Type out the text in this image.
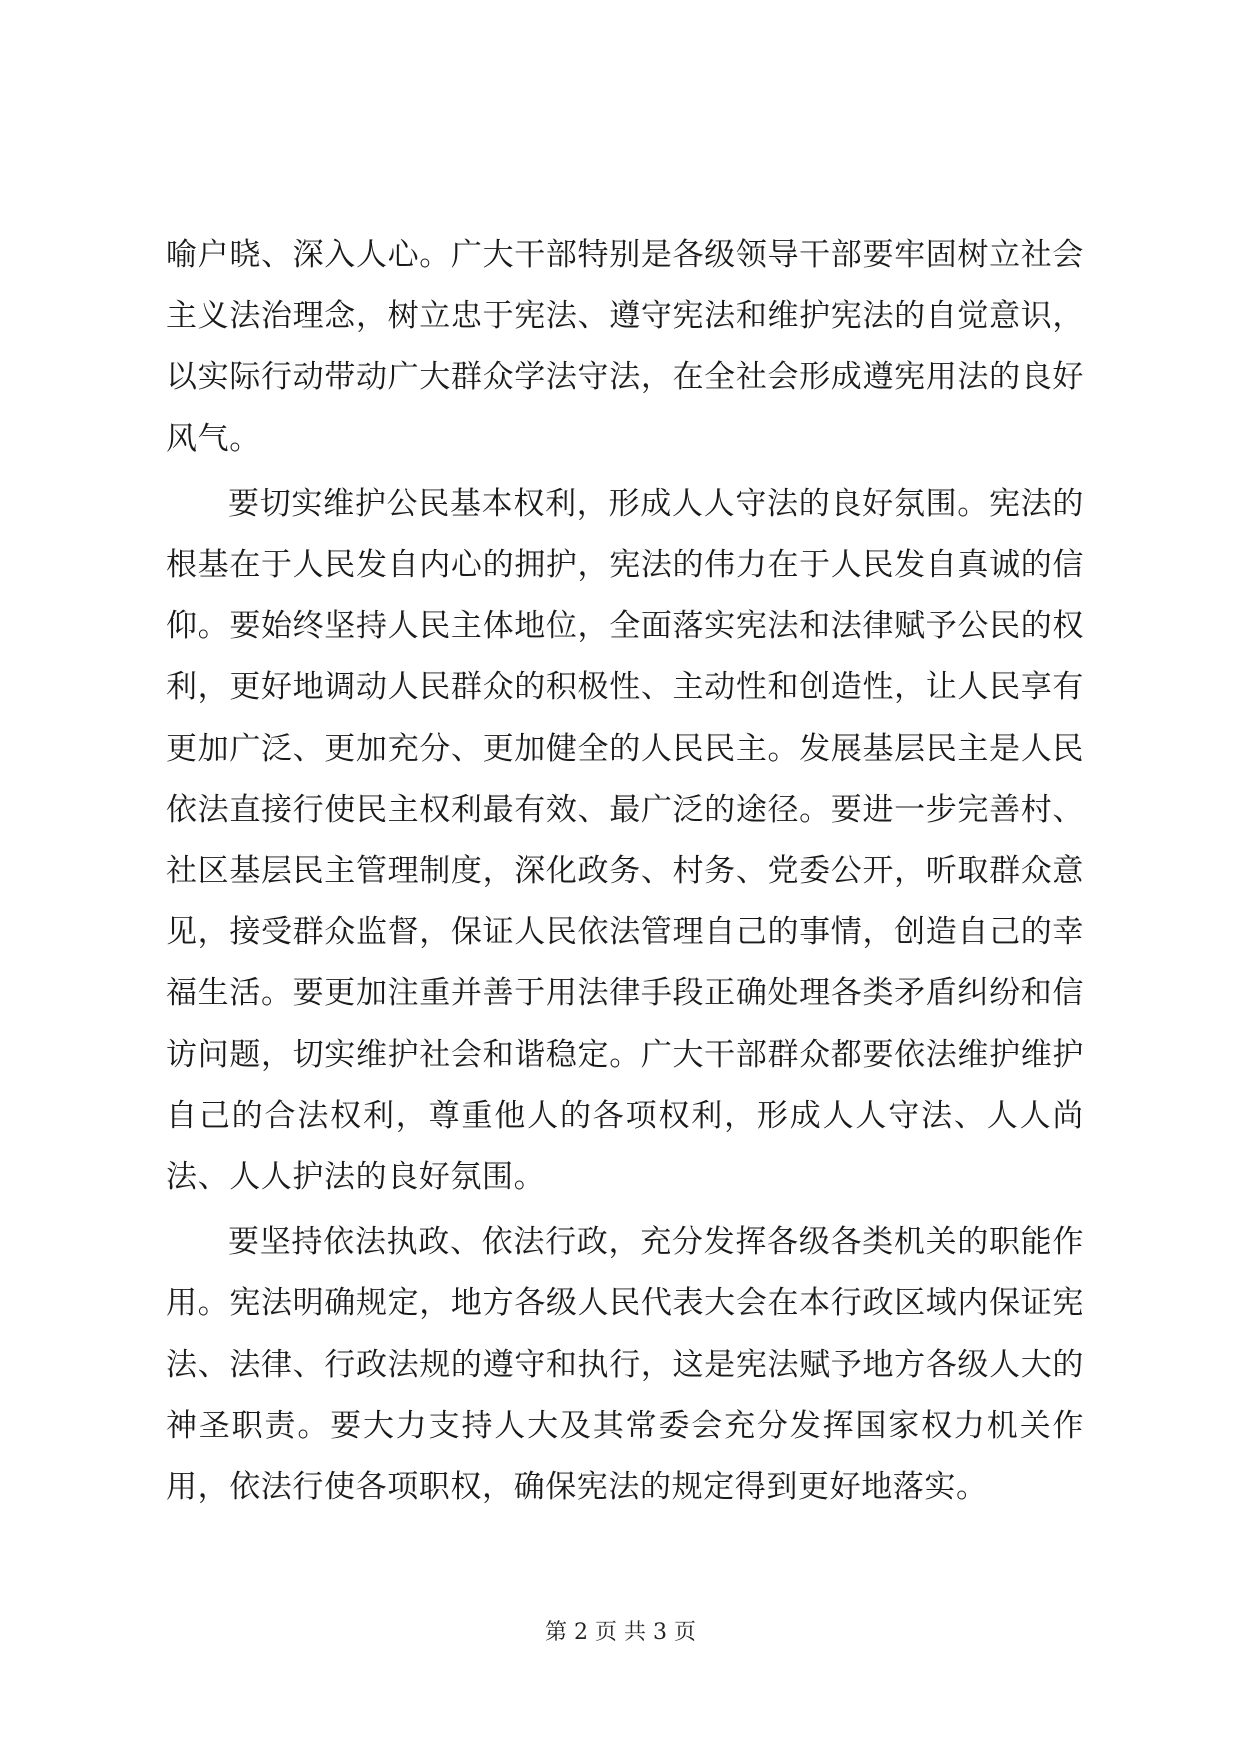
喻户晓、深入人心。广大干部特别是各级领导干部要牢固树立社会主义法治理念，树立忠于宪法、遵守宪法和维护宪法的自觉意识，以实际行动带动广大群众学法守法，在全社会形成遵宪用法的良好风气。

要切实维护公民基本权利，形成人人守法的良好氛围。宪法的根基在于人民发自内心的拥护，宪法的伟力在于人民发自真诚的信仰。要始终坚持人民主体地位，全面落实宪法和法律赋予公民的权利，更好地调动人民群众的积极性、主动性和创造性，让人民享有更加广泛、更加充分、更加健全的人民民主。发展基层民主是人民依法直接行使民主权利最有效、最广泛的途径。要进一步完善村、社区基层民主管理制度，深化政务、村务、党委公开，听取群众意见，接受群众监督，保证人民依法管理自己的事情，创造自己的幸福生活。要更加注重并善于用法律手段正确处理各类矛盾纠纷和信访问题，切实维护社会和谐稳定。广大干部群众都要依法维护维护自己的合法权利，尊重他人的各项权利，形成人人守法、人人尚法、人人护法的良好氛围。

要坚持依法执政、依法行政，充分发挥各级各类机关的职能作用。宪法明确规定，地方各级人民代表大会在本行政区域内保证宪法、法律、行政法规的遵守和执行，这是宪法赋予地方各级人大的神圣职责。要大力支持人大及其常委会充分发挥国家权力机关作用，依法行使各项职权，确保宪法的规定得到更好地落实。

第 2 页 共 3 页
